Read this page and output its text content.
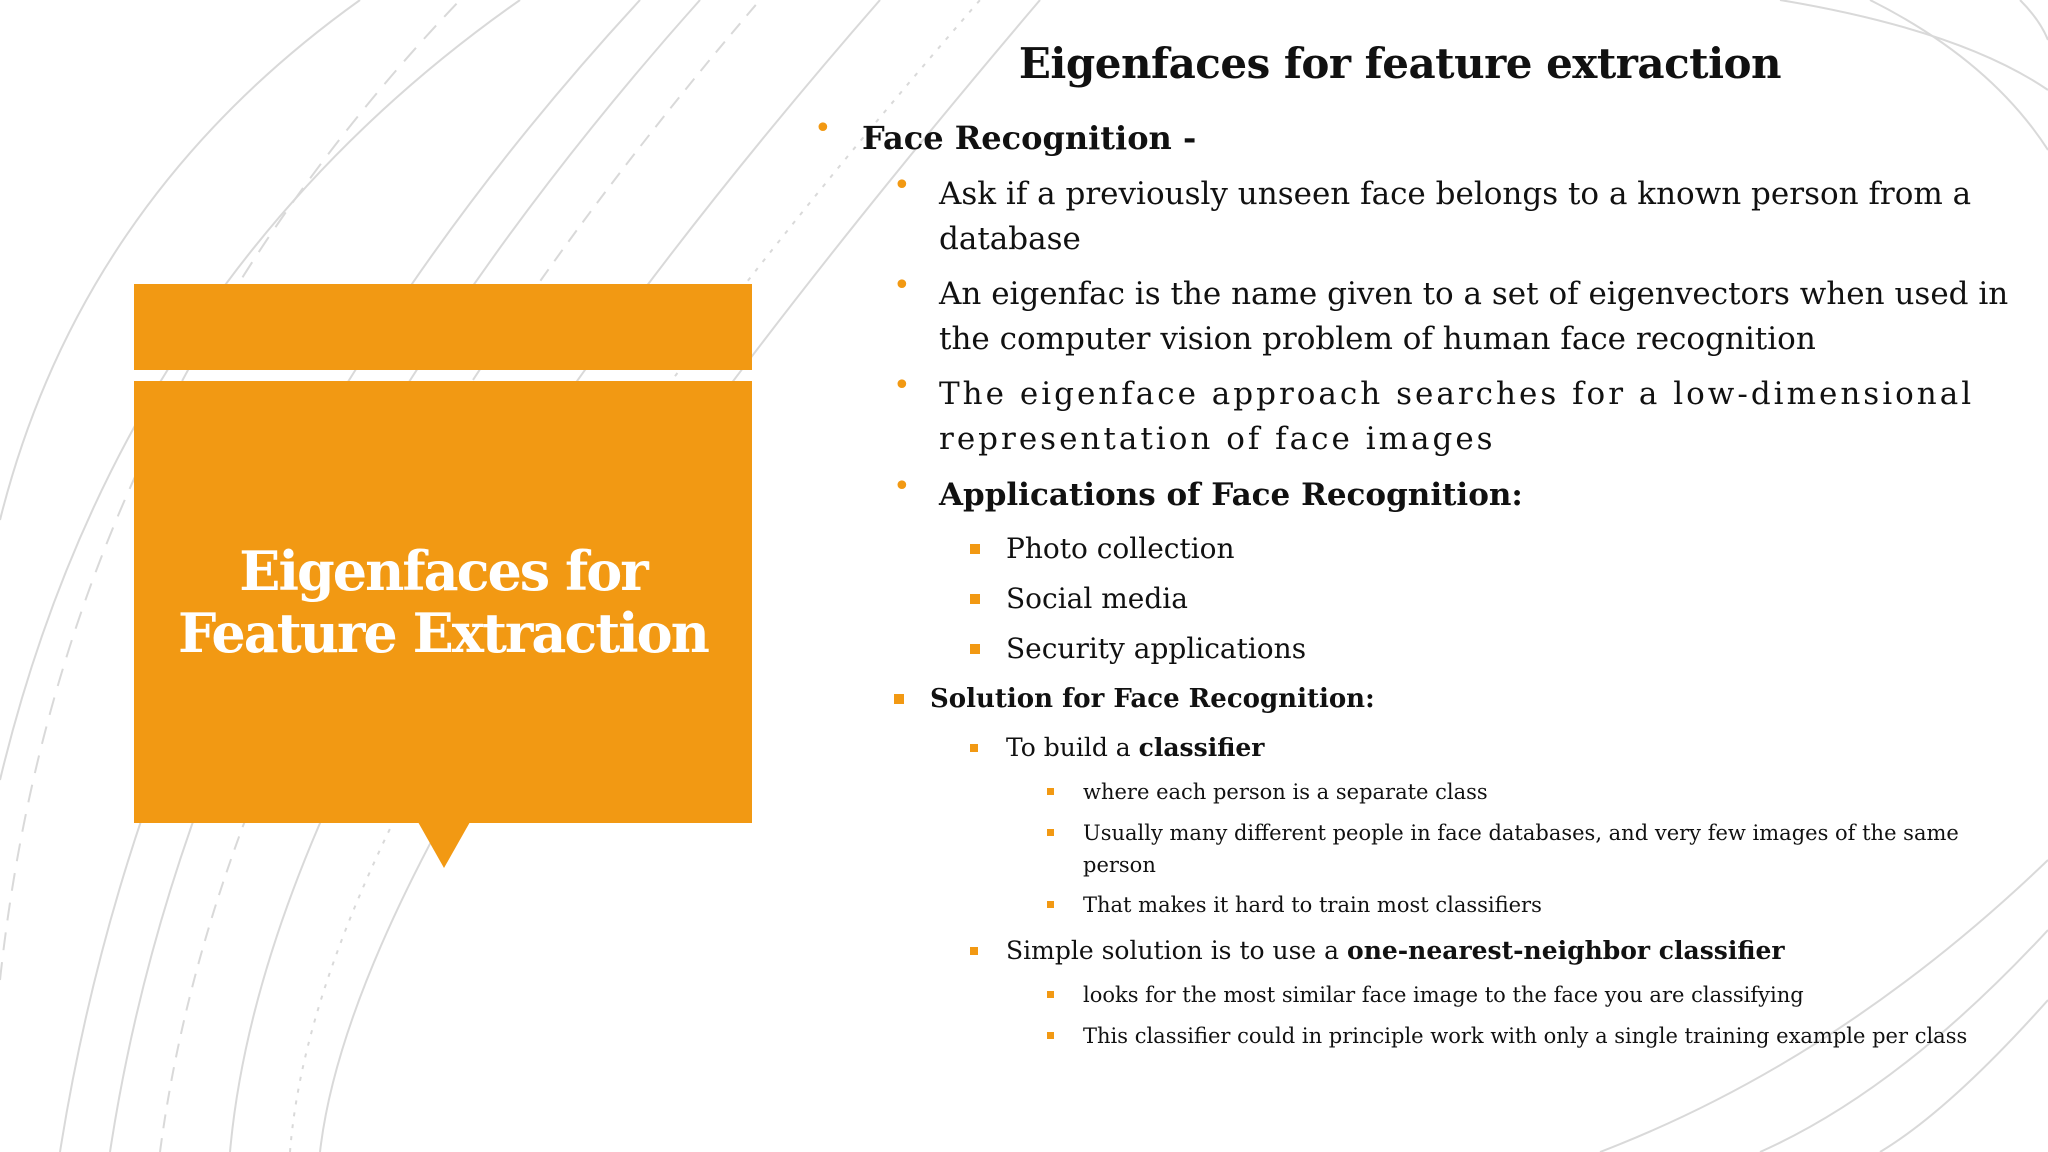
Eigenfaces for
Feature Extraction
Eigenfaces for feature extraction
• Face Recognition -
• Ask if a previously unseen face belongs to a known person from a database
• An eigenfac is the name given to a set of eigenvectors when used in the computer vision problem of human face recognition
• The eigenface approach searches for a low-dimensional representation of face images
• Applications of Face Recognition:
Photo collection
Social media
Security applications
Solution for Face Recognition:
To build a classifier
where each person is a separate class
Usually many different people in face databases, and very few images of the same person
That makes it hard to train most classifiers
Simple solution is to use a one-nearest-neighbor classifier
looks for the most similar face image to the face you are classifying
This classifier could in principle work with only a single training example per class
